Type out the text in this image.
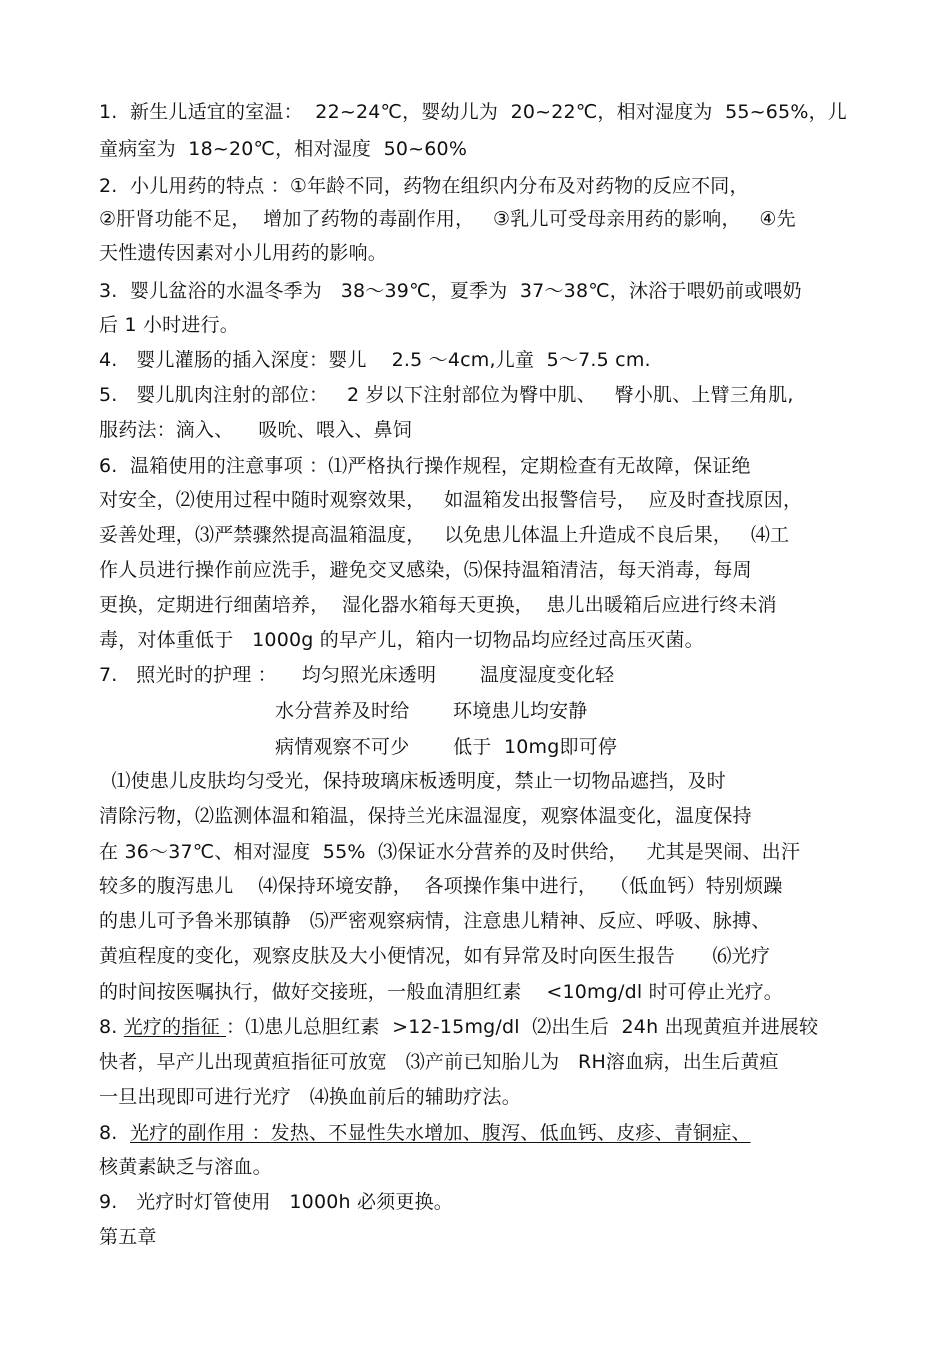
1.  新生儿适宜的室温：  22~24℃，婴幼儿为  20~22℃，相对湿度为  55~65%，儿
童病室为  18~20℃，相对湿度  50~60%
2.  小儿用药的特点 ：①年龄不同，药物在组织内分布及对药物的反应不同，
②肝肾功能不足，  增加了药物的毒副作用，   ③乳儿可受母亲用药的影响，   ④先
天性遗传因素对小儿用药的影响。
3.  婴儿盆浴的水温冬季为   38～39℃，夏季为  37～38℃，沐浴于喂奶前或喂奶
后 1 小时进行。
4.   婴儿灌肠的插入深度：婴儿    2.5 ～4cm,儿童  5～7.5 cm.
5.   婴儿肌肉注射的部位：   2 岁以下注射部位为臀中肌、   臀小肌、上臂三角肌,
服药法：滴入、    吸吮、喂入、鼻饲
6.  温箱使用的注意事项 ：⑴严格执行操作规程，定期检查有无故障，保证绝
对安全，⑵使用过程中随时观察效果，   如温箱发出报警信号，  应及时查找原因，
妥善处理，⑶严禁骤然提高温箱温度，   以免患儿体温上升造成不良后果，   ⑷工
作人员进行操作前应洗手，避免交叉感染，⑸保持温箱清洁，每天消毒，每周
更换，定期进行细菌培养，  湿化器水箱每天更换，  患儿出暖箱后应进行终未消
毒，对体重低于   1000g 的早产儿，箱内一切物品均应经过高压灭菌。
7.   照光时的护理 ：    均匀照光床透明       温度湿度变化轻
水分营养及时给       环境患儿均安静
病情观察不可少       低于  10mg即可停
⑴使患儿皮肤均匀受光，保持玻璃床板透明度，禁止一切物品遮挡，及时
清除污物，⑵监测体温和箱温，保持兰光床温湿度，观察体温变化，温度保持
在 36～37℃、相对湿度  55%  ⑶保证水分营养的及时供给，   尤其是哭闹、出汗
较多的腹泻患儿    ⑷保持环境安静，  各项操作集中进行，  （低血钙）特别烦躁
的患儿可予鲁米那镇静   ⑸严密观察病情，注意患儿精神、反应、呼吸、脉搏、
黄疸程度的变化，观察皮肤及大小便情况，如有异常及时向医生报告      ⑹光疗
的时间按医嘱执行，做好交接班，一般血清胆红素    <10mg/dl 时可停止光疗。
8. 光疗的指征 ：⑴患儿总胆红素  >12-15mg/dl  ⑵出生后  24h 出现黄疸并进展较
快者，早产儿出现黄疸指征可放宽   ⑶产前已知胎儿为   RH溶血病，出生后黄疸
一旦出现即可进行光疗   ⑷换血前后的辅助疗法。
8.  光疗的副作用 ：发热、不显性失水增加、腹泻、低血钙、皮疹、青铜症、
核黄素缺乏与溶血。
9.   光疗时灯管使用   1000h 必须更换。
第五章
